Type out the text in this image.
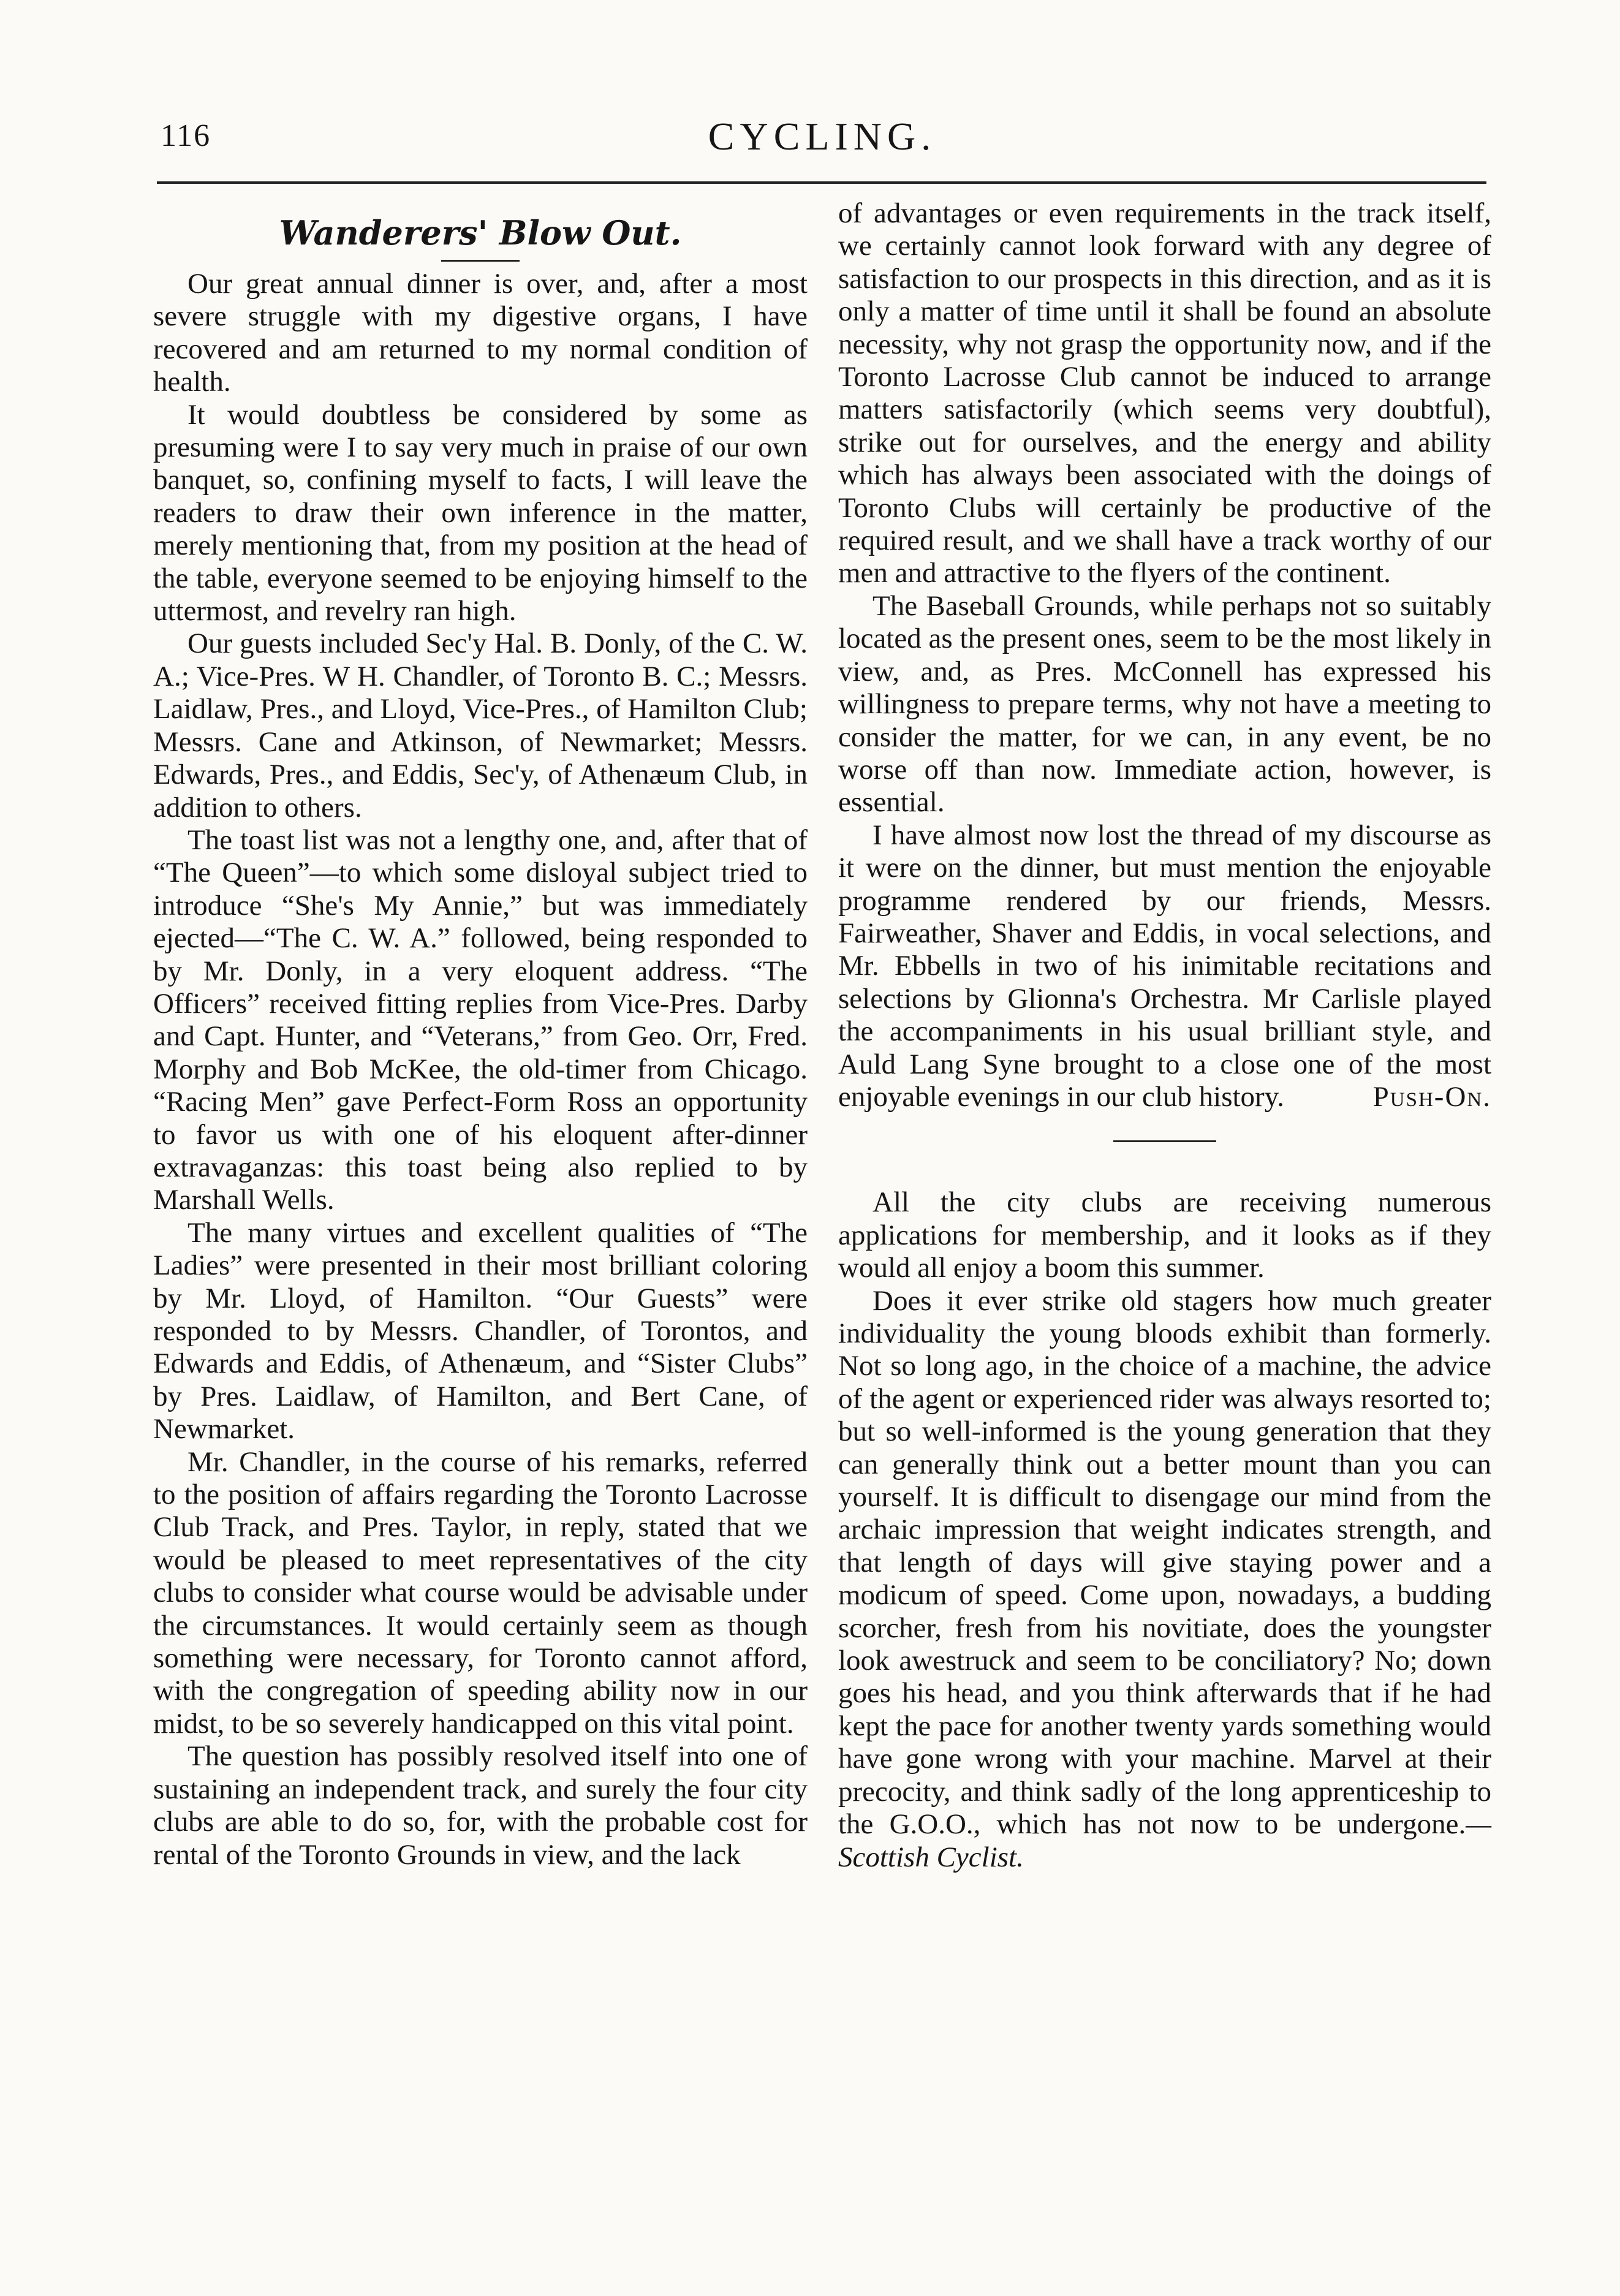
116	CYCLING.
Wanderers' Blow Out.

Our great annual dinner is over, and, after a most severe struggle with my digestive organs, I have recovered and am returned to my normal condition of health.

It would doubtless be considered by some as presuming were I to say very much in praise of our own banquet, so, confining myself to facts, I will leave the readers to draw their own inference in the matter, merely mentioning that, from my position at the head of the table, everyone seemed to be enjoying himself to the uttermost, and revelry ran high.

Our guests included Sec'y Hal. B. Donly, of the C. W. A.; Vice-Pres. W H. Chandler, of Toronto B. C.; Messrs. Laidlaw, Pres., and Lloyd, Vice-Pres., of Hamilton Club; Messrs. Cane and Atkinson, of Newmarket; Messrs. Edwards, Pres., and Eddis, Sec'y, of Athenæum Club, in addition to others.

The toast list was not a lengthy one, and, after that of “The Queen”—to which some disloyal subject tried to introduce “She's My Annie,” but was immediately ejected—“The C. W. A.” followed, being responded to by Mr. Donly, in a very eloquent address. “The Officers” received fitting replies from Vice-Pres. Darby and Capt. Hunter, and “Veterans,” from Geo. Orr, Fred. Morphy and Bob McKee, the old-timer from Chicago. “Racing Men” gave Perfect-Form Ross an opportunity to favor us with one of his eloquent after-dinner extravaganzas: this toast being also replied to by Marshall Wells.

The many virtues and excellent qualities of “The Ladies” were presented in their most brilliant coloring by Mr. Lloyd, of Hamilton. “Our Guests” were responded to by Messrs. Chandler, of Torontos, and Edwards and Eddis, of Athenæum, and “Sister Clubs” by Pres. Laidlaw, of Hamilton, and Bert Cane, of Newmarket.

Mr. Chandler, in the course of his remarks, referred to the position of affairs regarding the Toronto Lacrosse Club Track, and Pres. Taylor, in reply, stated that we would be pleased to meet representatives of the city clubs to consider what course would be advisable under the circumstances. It would certainly seem as though something were necessary, for Toronto cannot afford, with the congregation of speeding ability now in our midst, to be so severely handicapped on this vital point.

The question has possibly resolved itself into one of sustaining an independent track, and surely the four city clubs are able to do so, for, with the probable cost for rental of the Toronto Grounds in view, and the lack

of advantages or even requirements in the track itself, we certainly cannot look forward with any degree of satisfaction to our prospects in this direction, and as it is only a matter of time until it shall be found an absolute necessity, why not grasp the opportunity now, and if the Toronto Lacrosse Club cannot be induced to arrange matters satisfactorily (which seems very doubtful), strike out for ourselves, and the energy and ability which has always been associated with the doings of Toronto Clubs will certainly be productive of the required result, and we shall have a track worthy of our men and attractive to the flyers of the continent.

The Baseball Grounds, while perhaps not so suitably located as the present ones, seem to be the most likely in view, and, as Pres. McConnell has expressed his willingness to prepare terms, why not have a meeting to consider the matter, for we can, in any event, be no worse off than now. Immediate action, however, is essential.

I have almost now lost the thread of my discourse as it were on the dinner, but must mention the enjoyable programme rendered by our friends, Messrs. Fairweather, Shaver and Eddis, in vocal selections, and Mr. Ebbells in two of his inimitable recitations and selections by Glionna's Orchestra. Mr Carlisle played the accompaniments in his usual brilliant style, and Auld Lang Syne brought to a close one of the most enjoyable evenings in our club history.	Push-On.

All the city clubs are receiving numerous applications for membership, and it looks as if they would all enjoy a boom this summer.

Does it ever strike old stagers how much greater individuality the young bloods exhibit than formerly. Not so long ago, in the choice of a machine, the advice of the agent or experienced rider was always resorted to; but so well-informed is the young generation that they can generally think out a better mount than you can yourself. It is difficult to disengage our mind from the archaic impression that weight indicates strength, and that length of days will give staying power and a modicum of speed. Come upon, nowadays, a budding scorcher, fresh from his novitiate, does the youngster look awestruck and seem to be conciliatory? No; down goes his head, and you think afterwards that if he had kept the pace for another twenty yards something would have gone wrong with your machine. Marvel at their precocity, and think sadly of the long apprenticeship to the G.O.O., which has not now to be undergone.—Scottish Cyclist.
